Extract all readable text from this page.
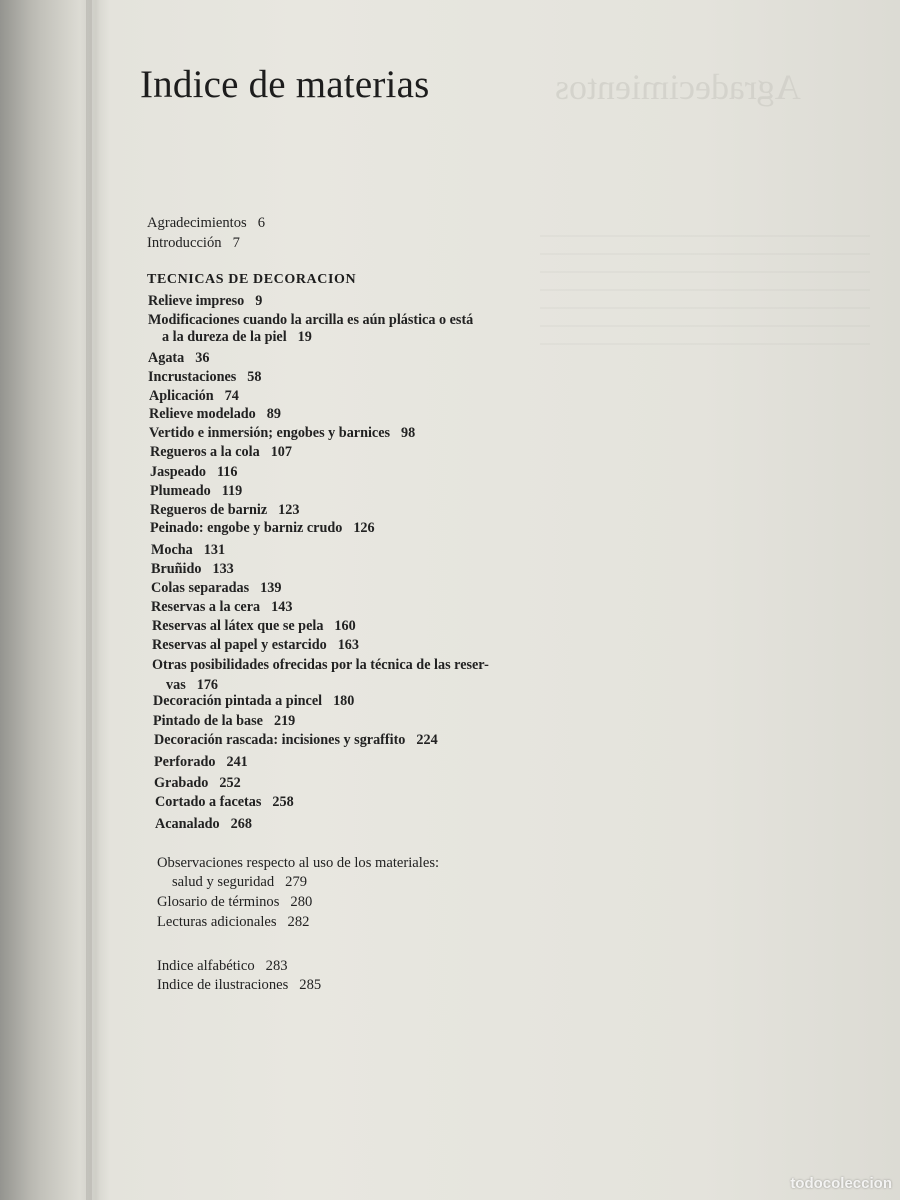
Agradecimientos
Indice de materias
Agradecimientos 6
Introducción 7
TECNICAS DE DECORACION
Relieve impreso 9
Modificaciones cuando la arcilla es aún plástica o está
a la dureza de la piel 19
Agata 36
Incrustaciones 58
Aplicación 74
Relieve modelado 89
Vertido e inmersión; engobes y barnices 98
Regueros a la cola 107
Jaspeado 116
Plumeado 119
Regueros de barniz 123
Peinado: engobe y barniz crudo 126
Mocha 131
Bruñido 133
Colas separadas 139
Reservas a la cera 143
Reservas al látex que se pela 160
Reservas al papel y estarcido 163
Otras posibilidades ofrecidas por la técnica de las reser-
vas 176
Decoración pintada a pincel 180
Pintado de la base 219
Decoración rascada: incisiones y sgraffito 224
Perforado 241
Grabado 252
Cortado a facetas 258
Acanalado 268
Observaciones respecto al uso de los materiales:
salud y seguridad 279
Glosario de términos 280
Lecturas adicionales 282
Indice alfabético 283
Indice de ilustraciones 285
todocoleccion
